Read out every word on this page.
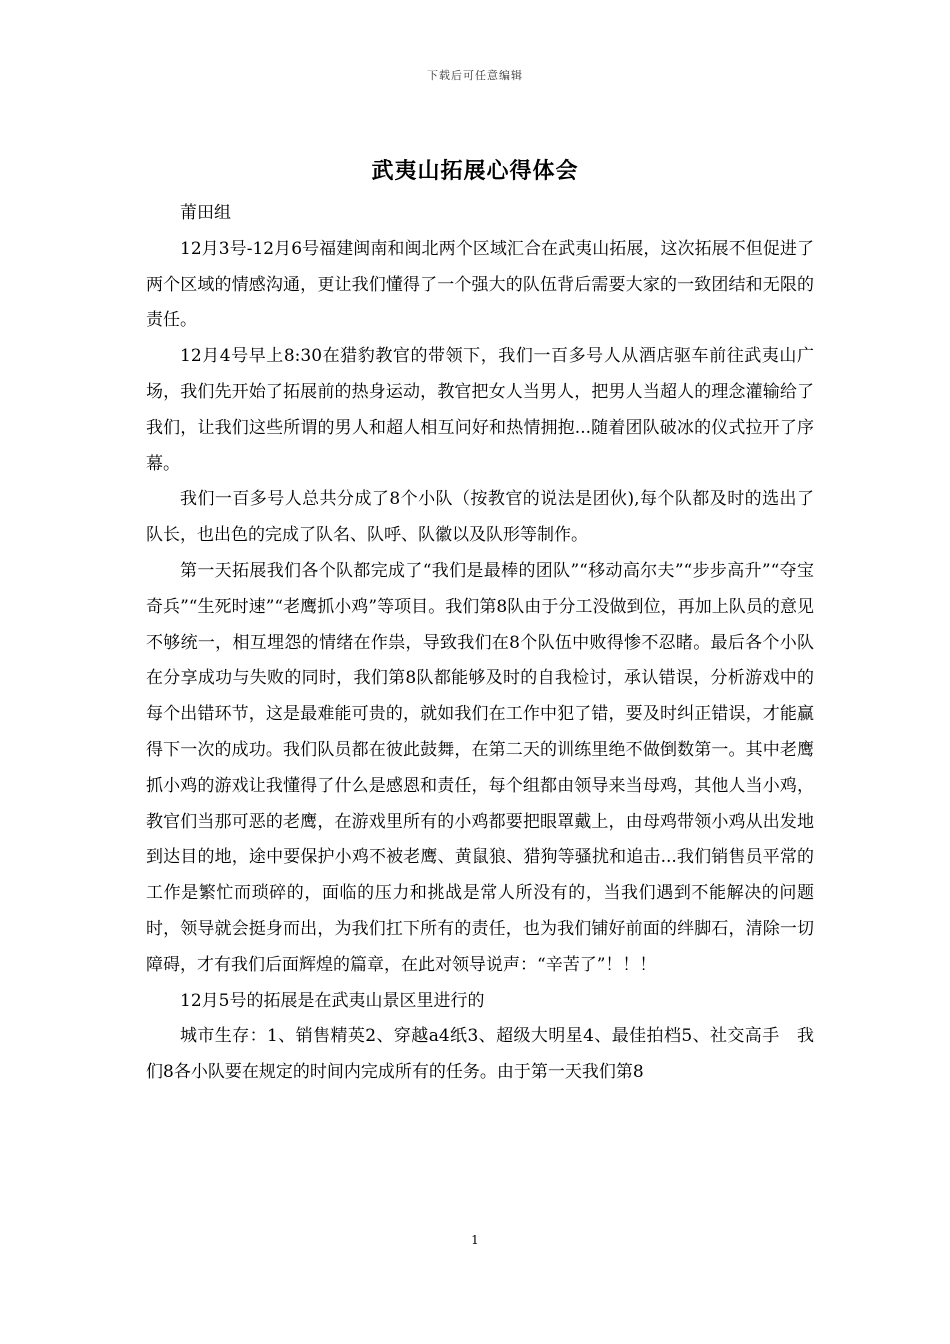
下载后可任意编辑
武夷山拓展心得体会

莆田组

12月3号-12月6号福建闽南和闽北两个区域汇合在武夷山拓展，这次拓展不但促进了两个区域的情感沟通，更让我们懂得了一个强大的队伍背后需要大家的一致团结和无限的责任。

12月4号早上8:30在猎豹教官的带领下，我们一百多号人从酒店驱车前往武夷山广场，我们先开始了拓展前的热身运动，教官把女人当男人，把男人当超人的理念灌输给了我们，让我们这些所谓的男人和超人相互问好和热情拥抱...随着团队破冰的仪式拉开了序幕。

我们一百多号人总共分成了8个小队（按教官的说法是团伙),每个队都及时的选出了队长，也出色的完成了队名、队呼、队徽以及队形等制作。

第一天拓展我们各个队都完成了“我们是最棒的团队”“移动高尔夫”“步步高升”“夺宝奇兵”“生死时速”“老鹰抓小鸡”等项目。我们第8队由于分工没做到位，再加上队员的意见不够统一，相互埋怨的情绪在作祟，导致我们在8个队伍中败得惨不忍睹。最后各个小队在分享成功与失败的同时，我们第8队都能够及时的自我检讨，承认错误，分析游戏中的每个出错环节，这是最难能可贵的，就如我们在工作中犯了错，要及时纠正错误，才能赢得下一次的成功。我们队员都在彼此鼓舞，在第二天的训练里绝不做倒数第一。其中老鹰抓小鸡的游戏让我懂得了什么是感恩和责任，每个组都由领导来当母鸡，其他人当小鸡，教官们当那可恶的老鹰，在游戏里所有的小鸡都要把眼罩戴上，由母鸡带领小鸡从出发地到达目的地，途中要保护小鸡不被老鹰、黄鼠狼、猎狗等骚扰和追击...我们销售员平常的工作是繁忙而琐碎的，面临的压力和挑战是常人所没有的，当我们遇到不能解决的问题时，领导就会挺身而出，为我们扛下所有的责任，也为我们铺好前面的绊脚石，清除一切障碍，才有我们后面辉煌的篇章，在此对领导说声：“辛苦了”！！！

12月5号的拓展是在武夷山景区里进行的

城市生存：1、销售精英2、穿越a4纸3、超级大明星4、最佳拍档5、社交高手　我们8各小队要在规定的时间内完成所有的任务。由于第一天我们第8

1
